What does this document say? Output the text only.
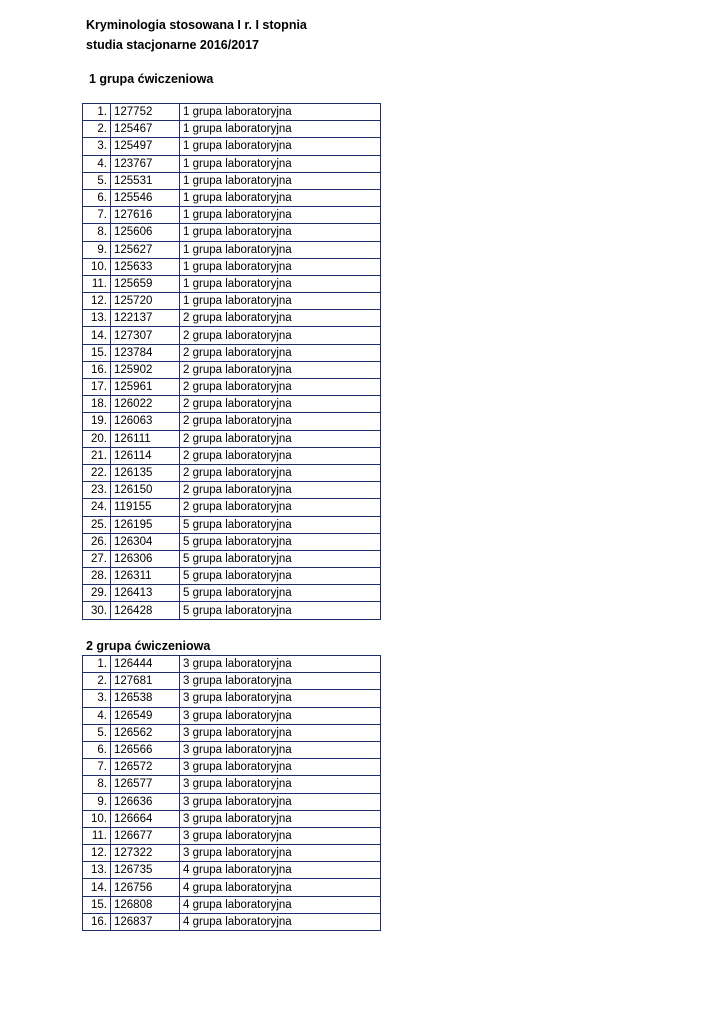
Kryminologia stosowana I r. I stopnia
studia stacjonarne 2016/2017
1 grupa ćwiczeniowa
1.	127752	1 grupa laboratoryjna
2.	125467	1 grupa laboratoryjna
3.	125497	1 grupa laboratoryjna
4.	123767	1 grupa laboratoryjna
5.	125531	1 grupa laboratoryjna
6.	125546	1 grupa laboratoryjna
7.	127616	1 grupa laboratoryjna
8.	125606	1 grupa laboratoryjna
9.	125627	1 grupa laboratoryjna
10.	125633	1 grupa laboratoryjna
11.	125659	1 grupa laboratoryjna
12.	125720	1 grupa laboratoryjna
13.	122137	2 grupa laboratoryjna
14.	127307	2 grupa laboratoryjna
15.	123784	2 grupa laboratoryjna
16.	125902	2 grupa laboratoryjna
17.	125961	2 grupa laboratoryjna
18.	126022	2 grupa laboratoryjna
19.	126063	2 grupa laboratoryjna
20.	126111	2 grupa laboratoryjna
21.	126114	2 grupa laboratoryjna
22.	126135	2 grupa laboratoryjna
23.	126150	2 grupa laboratoryjna
24.	119155	2 grupa laboratoryjna
25.	126195	5 grupa laboratoryjna
26.	126304	5 grupa laboratoryjna
27.	126306	5 grupa laboratoryjna
28.	126311	5 grupa laboratoryjna
29.	126413	5 grupa laboratoryjna
30.	126428	5 grupa laboratoryjna
2 grupa ćwiczeniowa
1.	126444	3 grupa laboratoryjna
2.	127681	3 grupa laboratoryjna
3.	126538	3 grupa laboratoryjna
4.	126549	3 grupa laboratoryjna
5.	126562	3 grupa laboratoryjna
6.	126566	3 grupa laboratoryjna
7.	126572	3 grupa laboratoryjna
8.	126577	3 grupa laboratoryjna
9.	126636	3 grupa laboratoryjna
10.	126664	3 grupa laboratoryjna
11.	126677	3 grupa laboratoryjna
12.	127322	3 grupa laboratoryjna
13.	126735	4 grupa laboratoryjna
14.	126756	4 grupa laboratoryjna
15.	126808	4 grupa laboratoryjna
16.	126837	4 grupa laboratoryjna
